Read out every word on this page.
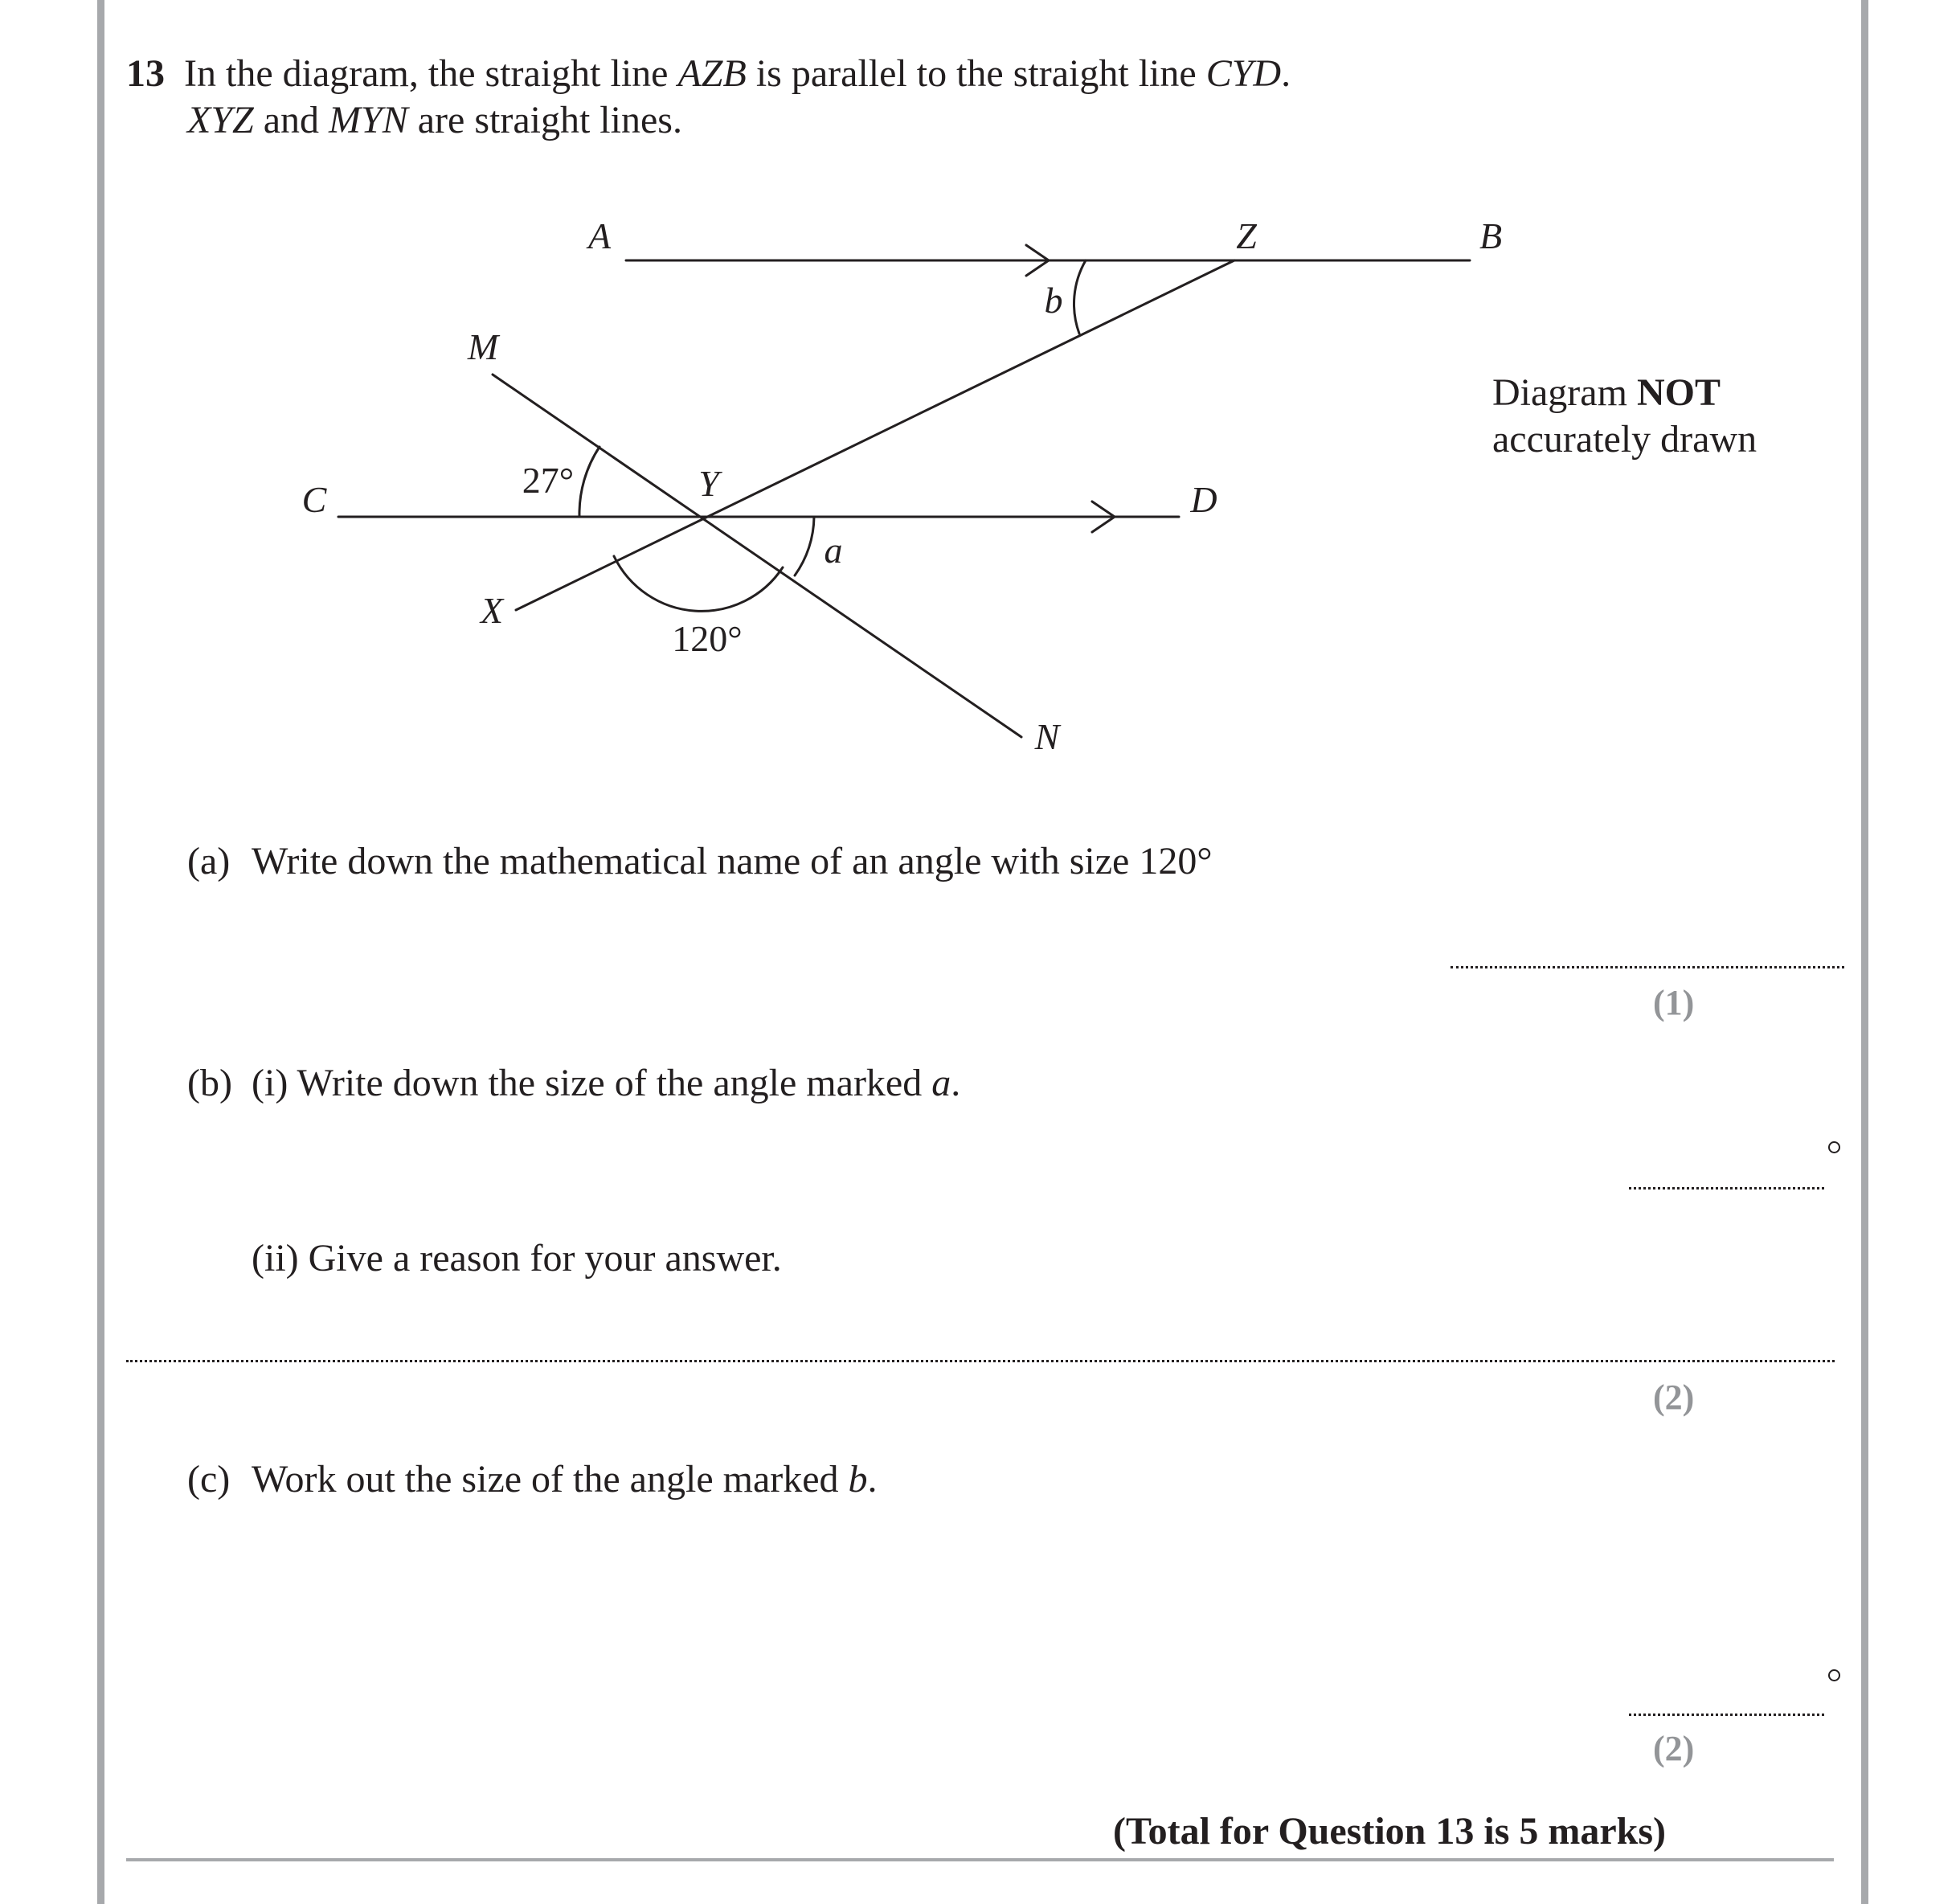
13 In the diagram, the straight line AZB is parallel to the straight line CYD.
XYZ and MYN are straight lines.
A	Z	B
M
C	Y	D
X
N
a
b
27°
120°
Diagram NOT
accurately drawn
(a) Write down the mathematical name of an angle with size 120°
(1)
(b) (i) Write down the size of the angle marked a.
(ii) Give a reason for your answer.
(2)
(c) Work out the size of the angle marked b.
(2)
(Total for Question 13 is 5 marks)
